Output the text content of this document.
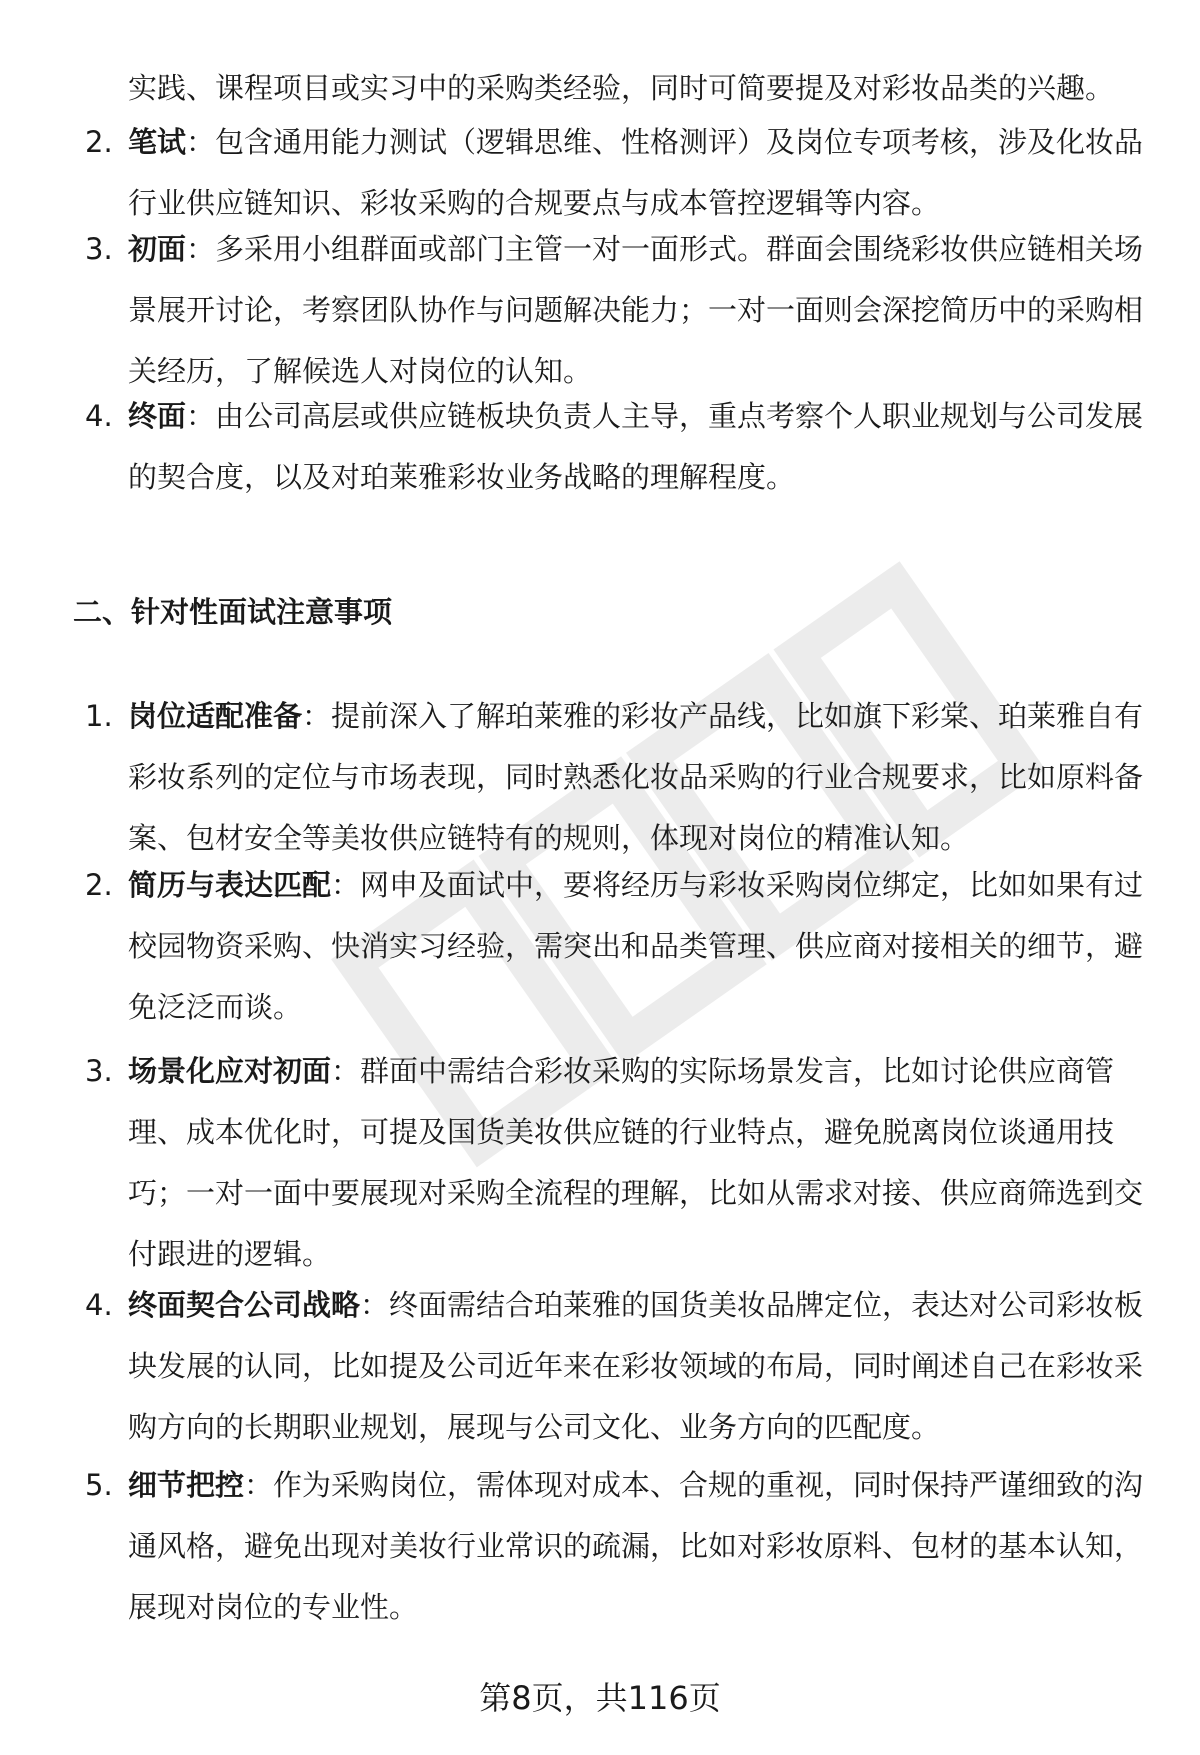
实践、课程项目或实习中的采购类经验，同时可简要提及对彩妆品类的兴趣。
2. 笔试：包含通用能力测试（逻辑思维、性格测评）及岗位专项考核，涉及化妆品行业供应链知识、彩妆采购的合规要点与成本管控逻辑等内容。
3. 初面：多采用小组群面或部门主管一对一面形式。群面会围绕彩妆供应链相关场景展开讨论，考察团队协作与问题解决能力；一对一面则会深挖简历中的采购相关经历，了解候选人对岗位的认知。
4. 终面：由公司高层或供应链板块负责人主导，重点考察个人职业规划与公司发展的契合度，以及对珀莱雅彩妆业务战略的理解程度。
二、针对性面试注意事项
1. 岗位适配准备：提前深入了解珀莱雅的彩妆产品线，比如旗下彩棠、珀莱雅自有彩妆系列的定位与市场表现，同时熟悉化妆品采购的行业合规要求，比如原料备案、包材安全等美妆供应链特有的规则，体现对岗位的精准认知。
2. 简历与表达匹配：网申及面试中，要将经历与彩妆采购岗位绑定，比如如果有过校园物资采购、快消实习经验，需突出和品类管理、供应商对接相关的细节，避免泛泛而谈。
3. 场景化应对初面：群面中需结合彩妆采购的实际场景发言，比如讨论供应商管理、成本优化时，可提及国货美妆供应链的行业特点，避免脱离岗位谈通用技巧；一对一面中要展现对采购全流程的理解，比如从需求对接、供应商筛选到交付跟进的逻辑。
4. 终面契合公司战略：终面需结合珀莱雅的国货美妆品牌定位，表达对公司彩妆板块发展的认同，比如提及公司近年来在彩妆领域的布局，同时阐述自己在彩妆采购方向的长期职业规划，展现与公司文化、业务方向的匹配度。
5. 细节把控：作为采购岗位，需体现对成本、合规的重视，同时保持严谨细致的沟通风格，避免出现对美妆行业常识的疏漏，比如对彩妆原料、包材的基本认知，展现对岗位的专业性。
第8页，共116页
